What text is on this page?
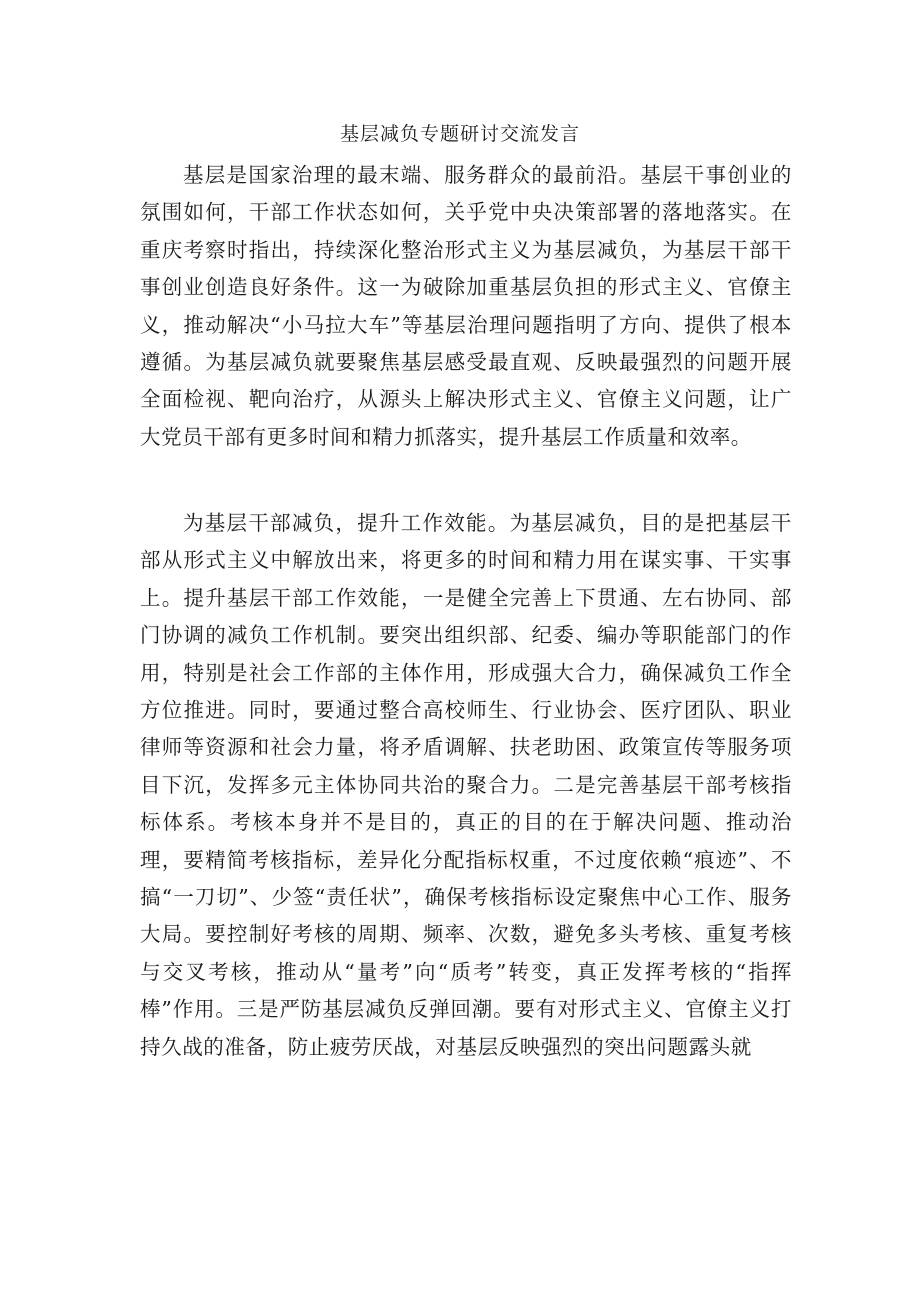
基层减负专题研讨交流发言

基层是国家治理的最末端、服务群众的最前沿。基层干事创业的氛围如何，干部工作状态如何，关乎党中央决策部署的落地落实。在重庆考察时指出，持续深化整治形式主义为基层减负，为基层干部干事创业创造良好条件。这一为破除加重基层负担的形式主义、官僚主义，推动解决“小马拉大车”等基层治理问题指明了方向、提供了根本遵循。为基层减负就要聚焦基层感受最直观、反映最强烈的问题开展全面检视、靶向治疗，从源头上解决形式主义、官僚主义问题，让广大党员干部有更多时间和精力抓落实，提升基层工作质量和效率。

为基层干部减负，提升工作效能。为基层减负，目的是把基层干部从形式主义中解放出来，将更多的时间和精力用在谋实事、干实事上。提升基层干部工作效能，一是健全完善上下贯通、左右协同、部门协调的减负工作机制。要突出组织部、纪委、编办等职能部门的作用，特别是社会工作部的主体作用，形成强大合力，确保减负工作全方位推进。同时，要通过整合高校师生、行业协会、医疗团队、职业律师等资源和社会力量，将矛盾调解、扶老助困、政策宣传等服务项目下沉，发挥多元主体协同共治的聚合力。二是完善基层干部考核指标体系。考核本身并不是目的，真正的目的在于解决问题、推动治理，要精简考核指标，差异化分配指标权重，不过度依赖“痕迹”、不搞“一刀切”、少签“责任状”，确保考核指标设定聚焦中心工作、服务大局。要控制好考核的周期、频率、次数，避免多头考核、重复考核与交叉考核，推动从“量考”向“质考”转变，真正发挥考核的“指挥棒”作用。三是严防基层减负反弹回潮。要有对形式主义、官僚主义打持久战的准备，防止疲劳厌战，对基层反映强烈的突出问题露头就
